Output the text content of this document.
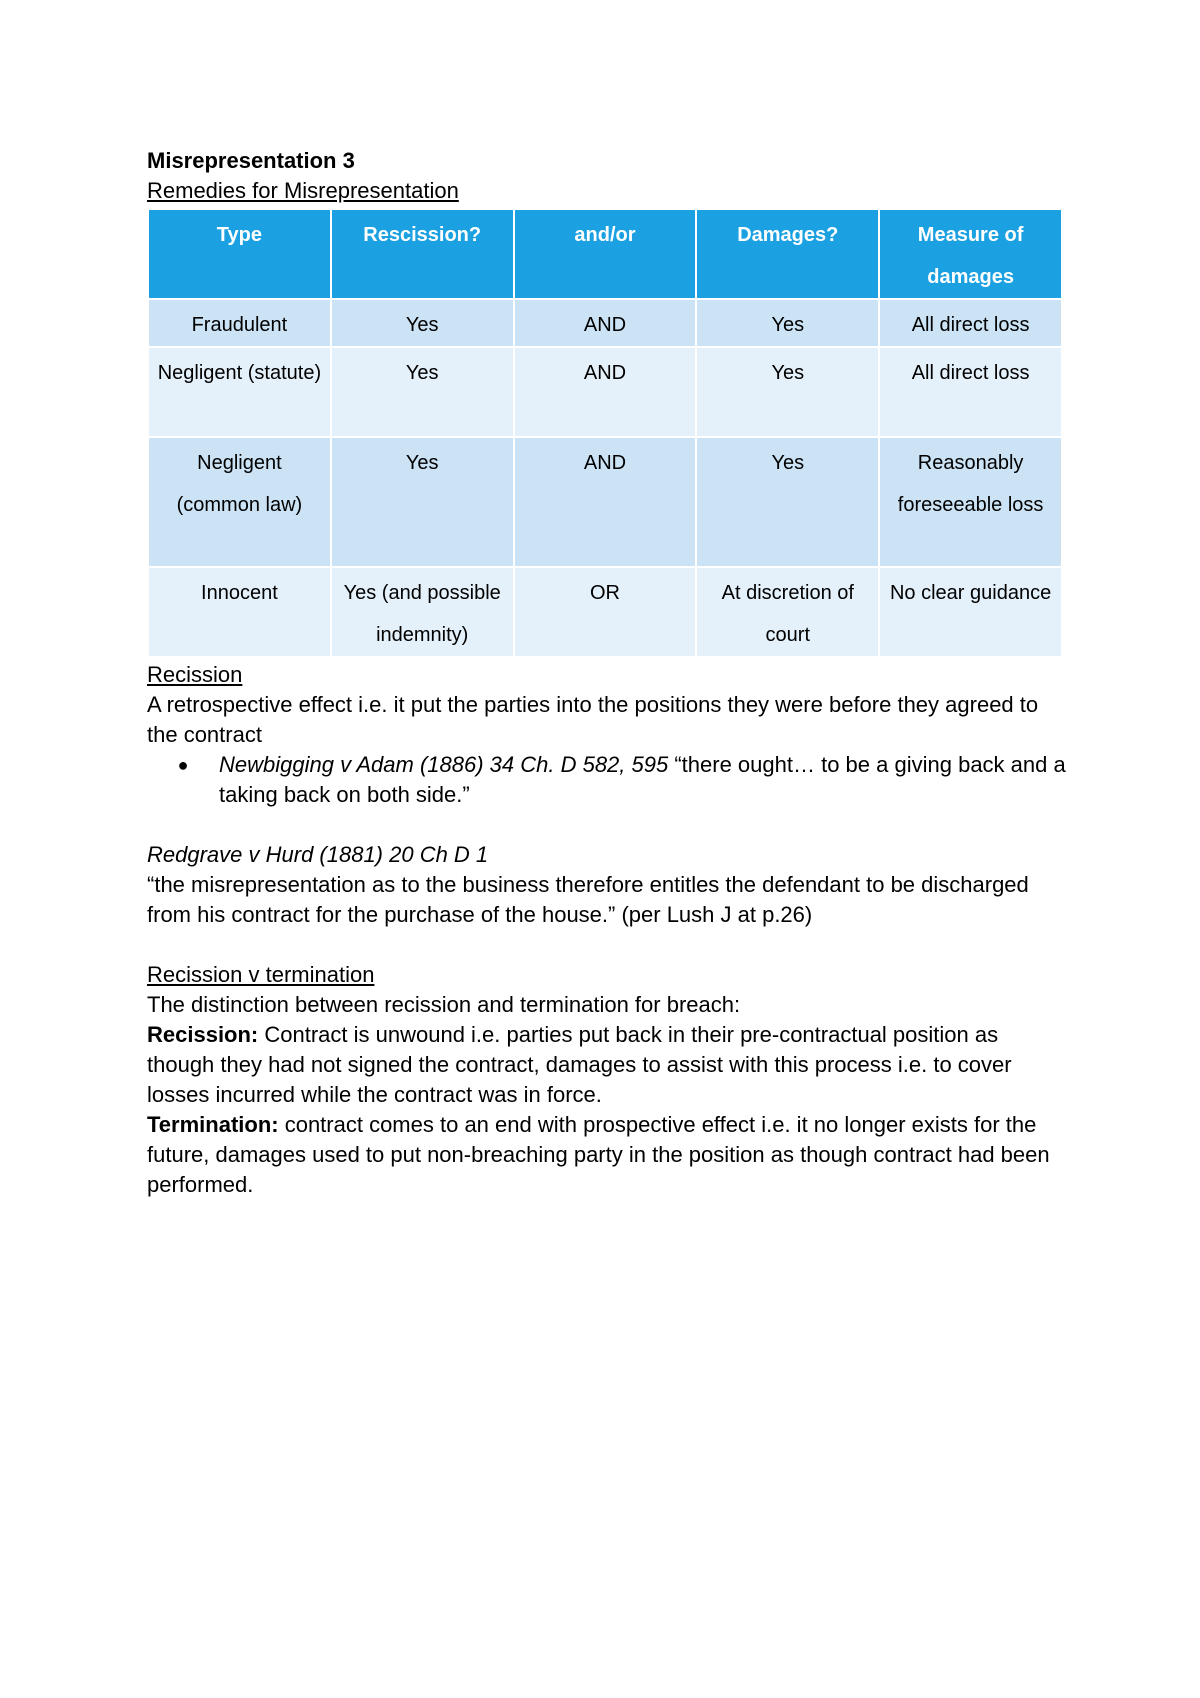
Misrepresentation 3
Remedies for Misrepresentation
Type	Rescission?	and/or	Damages?	Measure of damages
Fraudulent	Yes	AND	Yes	All direct loss
Negligent (statute)	Yes	AND	Yes	All direct loss
Negligent (common law)	Yes	AND	Yes	Reasonably foreseeable loss
Innocent	Yes (and possible indemnity)	OR	At discretion of court	No clear guidance
Recission
A retrospective effect i.e. it put the parties into the positions they were before they agreed to the contract
●	Newbigging v Adam (1886) 34 Ch. D 582, 595 “there ought… to be a giving back and a taking back on both side.”
Redgrave v Hurd (1881) 20 Ch D 1
“the misrepresentation as to the business therefore entitles the defendant to be discharged from his contract for the purchase of the house.” (per Lush J at p.26)
Recission v termination
The distinction between recission and termination for breach:
Recission: Contract is unwound i.e. parties put back in their pre-contractual position as though they had not signed the contract, damages to assist with this process i.e. to cover losses incurred while the contract was in force.
Termination: contract comes to an end with prospective effect i.e. it no longer exists for the future, damages used to put non-breaching party in the position as though contract had been performed.
